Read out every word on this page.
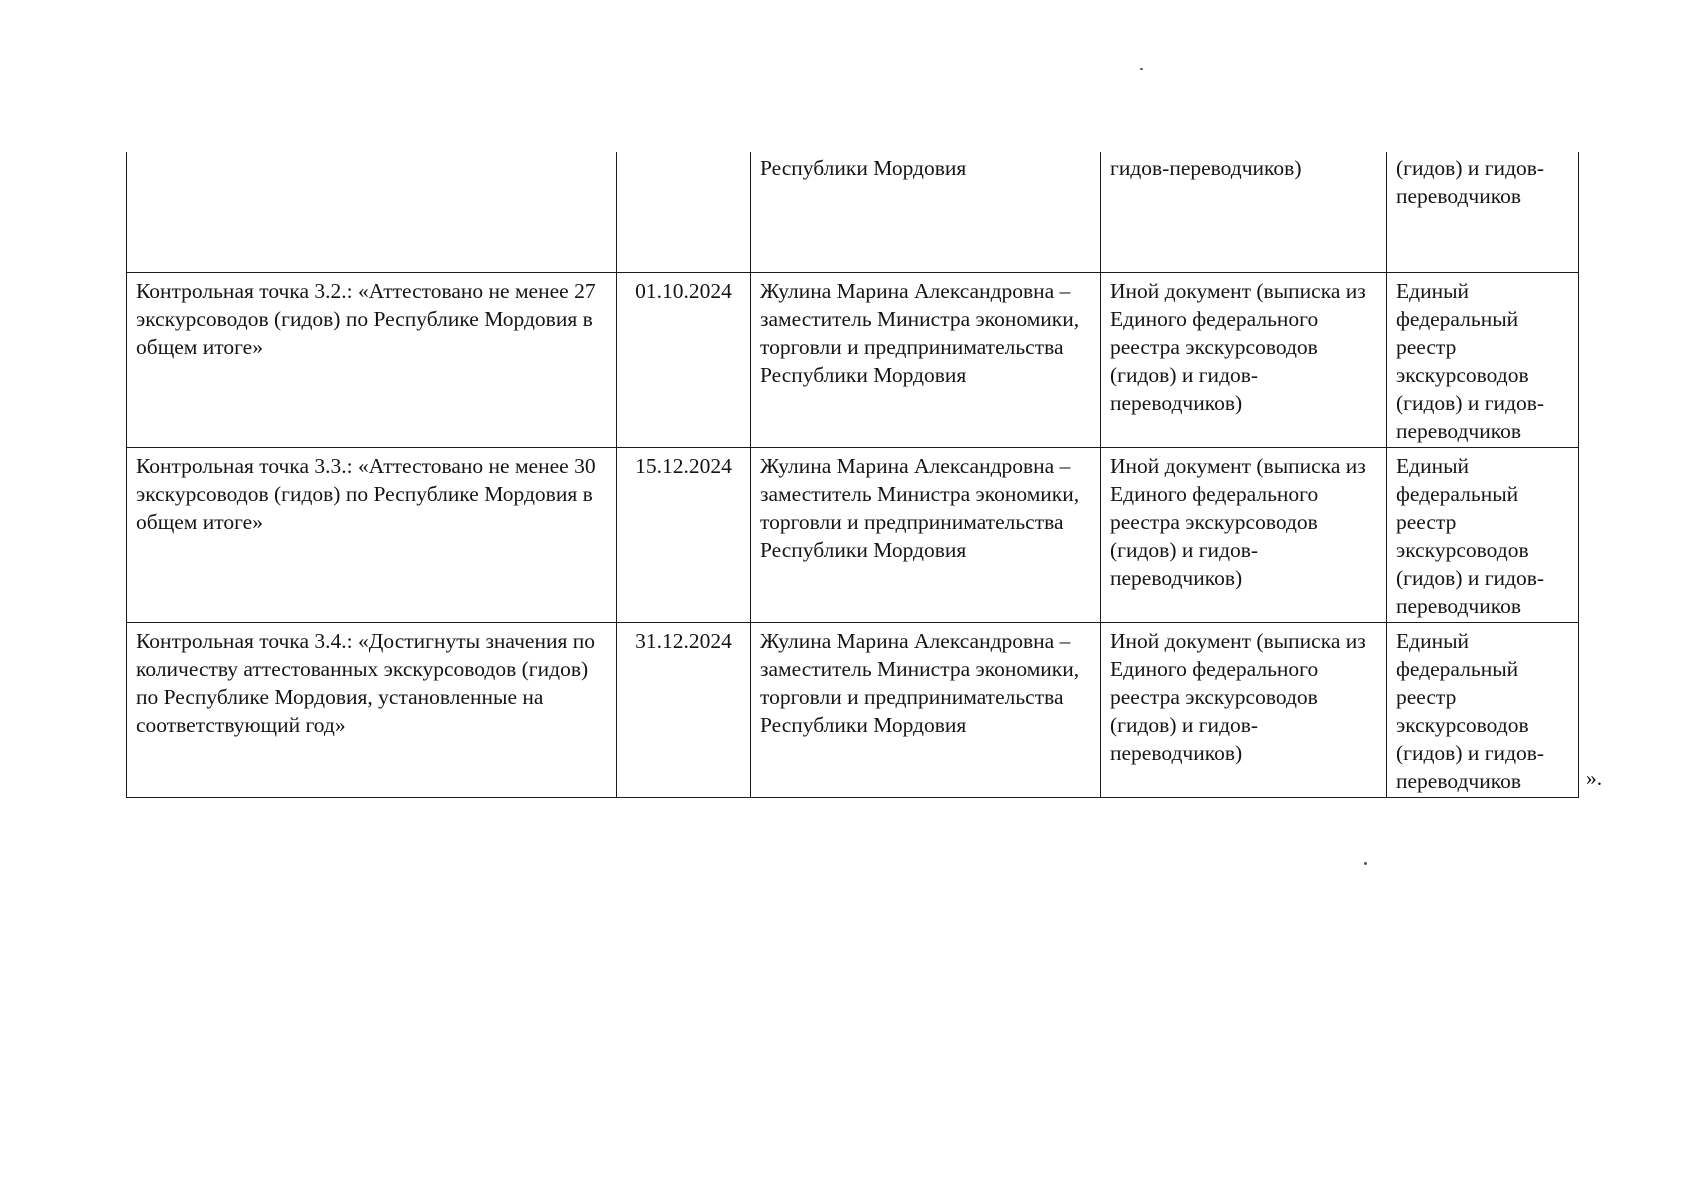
		Республики Мордовия	гидов-переводчиков)	(гидов) и гидов-переводчиков
Контрольная точка 3.2.: «Аттестовано не менее 27 экскурсоводов (гидов) по Республике Мордовия в общем итоге»	01.10.2024	Жулина Марина Александровна – заместитель Министра экономики, торговли и предпринимательства Республики Мордовия	Иной документ (выписка из Единого федерального реестра экскурсоводов (гидов) и гидов-переводчиков)	Единый федеральный реестр экскурсоводов (гидов) и гидов-переводчиков
Контрольная точка 3.3.: «Аттестовано не менее 30 экскурсоводов (гидов) по Республике Мордовия в общем итоге»	15.12.2024	Жулина Марина Александровна – заместитель Министра экономики, торговли и предпринимательства Республики Мордовия	Иной документ (выписка из Единого федерального реестра экскурсоводов (гидов) и гидов-переводчиков)	Единый федеральный реестр экскурсоводов (гидов) и гидов-переводчиков
Контрольная точка 3.4.: «Достигнуты значения по количеству аттестованных экскурсоводов (гидов) по Республике Мордовия, установленные на соответствующий год»	31.12.2024	Жулина Марина Александровна – заместитель Министра экономики, торговли и предпринимательства Республики Мордовия	Иной документ (выписка из Единого федерального реестра экскурсоводов (гидов) и гидов-переводчиков)	Единый федеральный реестр экскурсоводов (гидов) и гидов-переводчиков	».
